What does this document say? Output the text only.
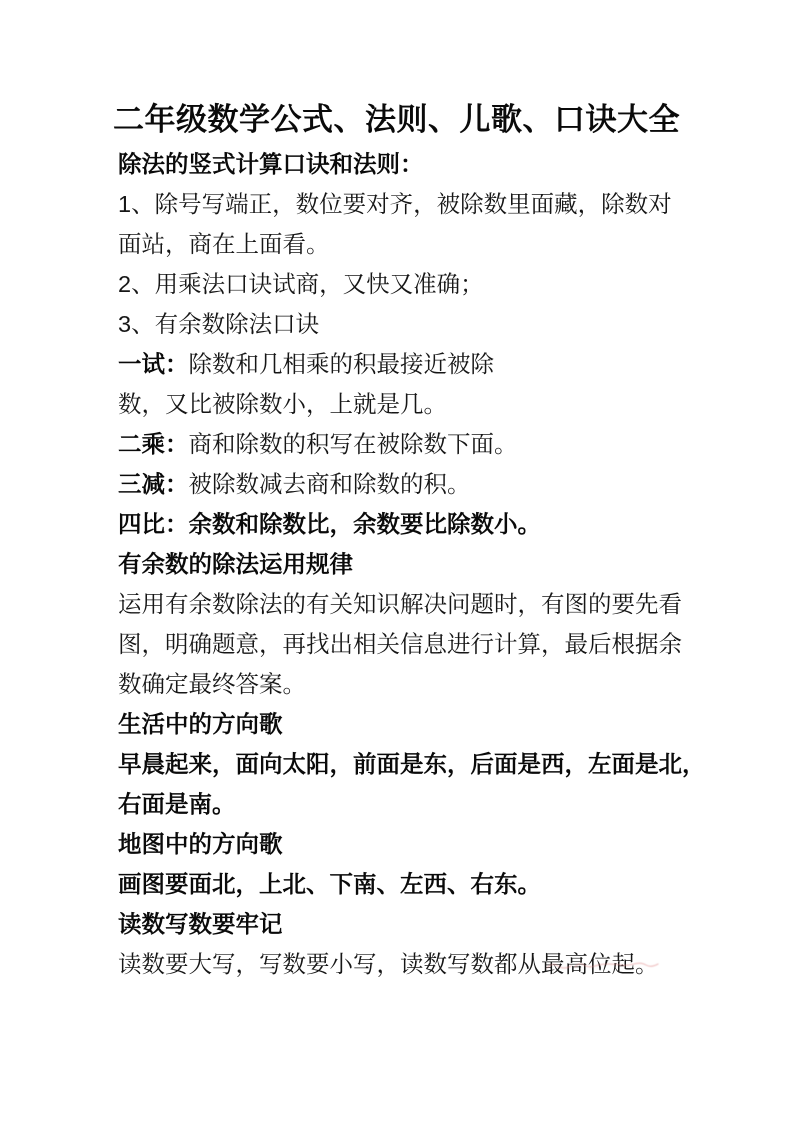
二年级数学公式、法则、儿歌、口诀大全
除法的竖式计算口诀和法则：
1、除号写端正，数位要对齐，被除数里面藏，除数对
面站，商在上面看。
2、用乘法口诀试商，又快又准确；
3、有余数除法口诀
一试： 除数和几相乘的积最接近被除
数，又比被除数小，上就是几。
二乘： 商和除数的积写在被除数下面。
三减： 被除数减去商和除数的积。
四比：余数和除数比，余数要比除数小。
有余数的除法运用规律
运用有余数除法的有关知识解决问题时，有图的要先看
图，明确题意，再找出相关信息进行计算，最后根据余
数确定最终答案。
生活中的方向歌
早晨起来，面向太阳，前面是东，后面是西，左面是北，
右面是南。
地图中的方向歌
画图要面北，上北、下南、左西、右东。
读数写数要牢记
读数要大写，写数要小写，读数写数都从最高位起。
